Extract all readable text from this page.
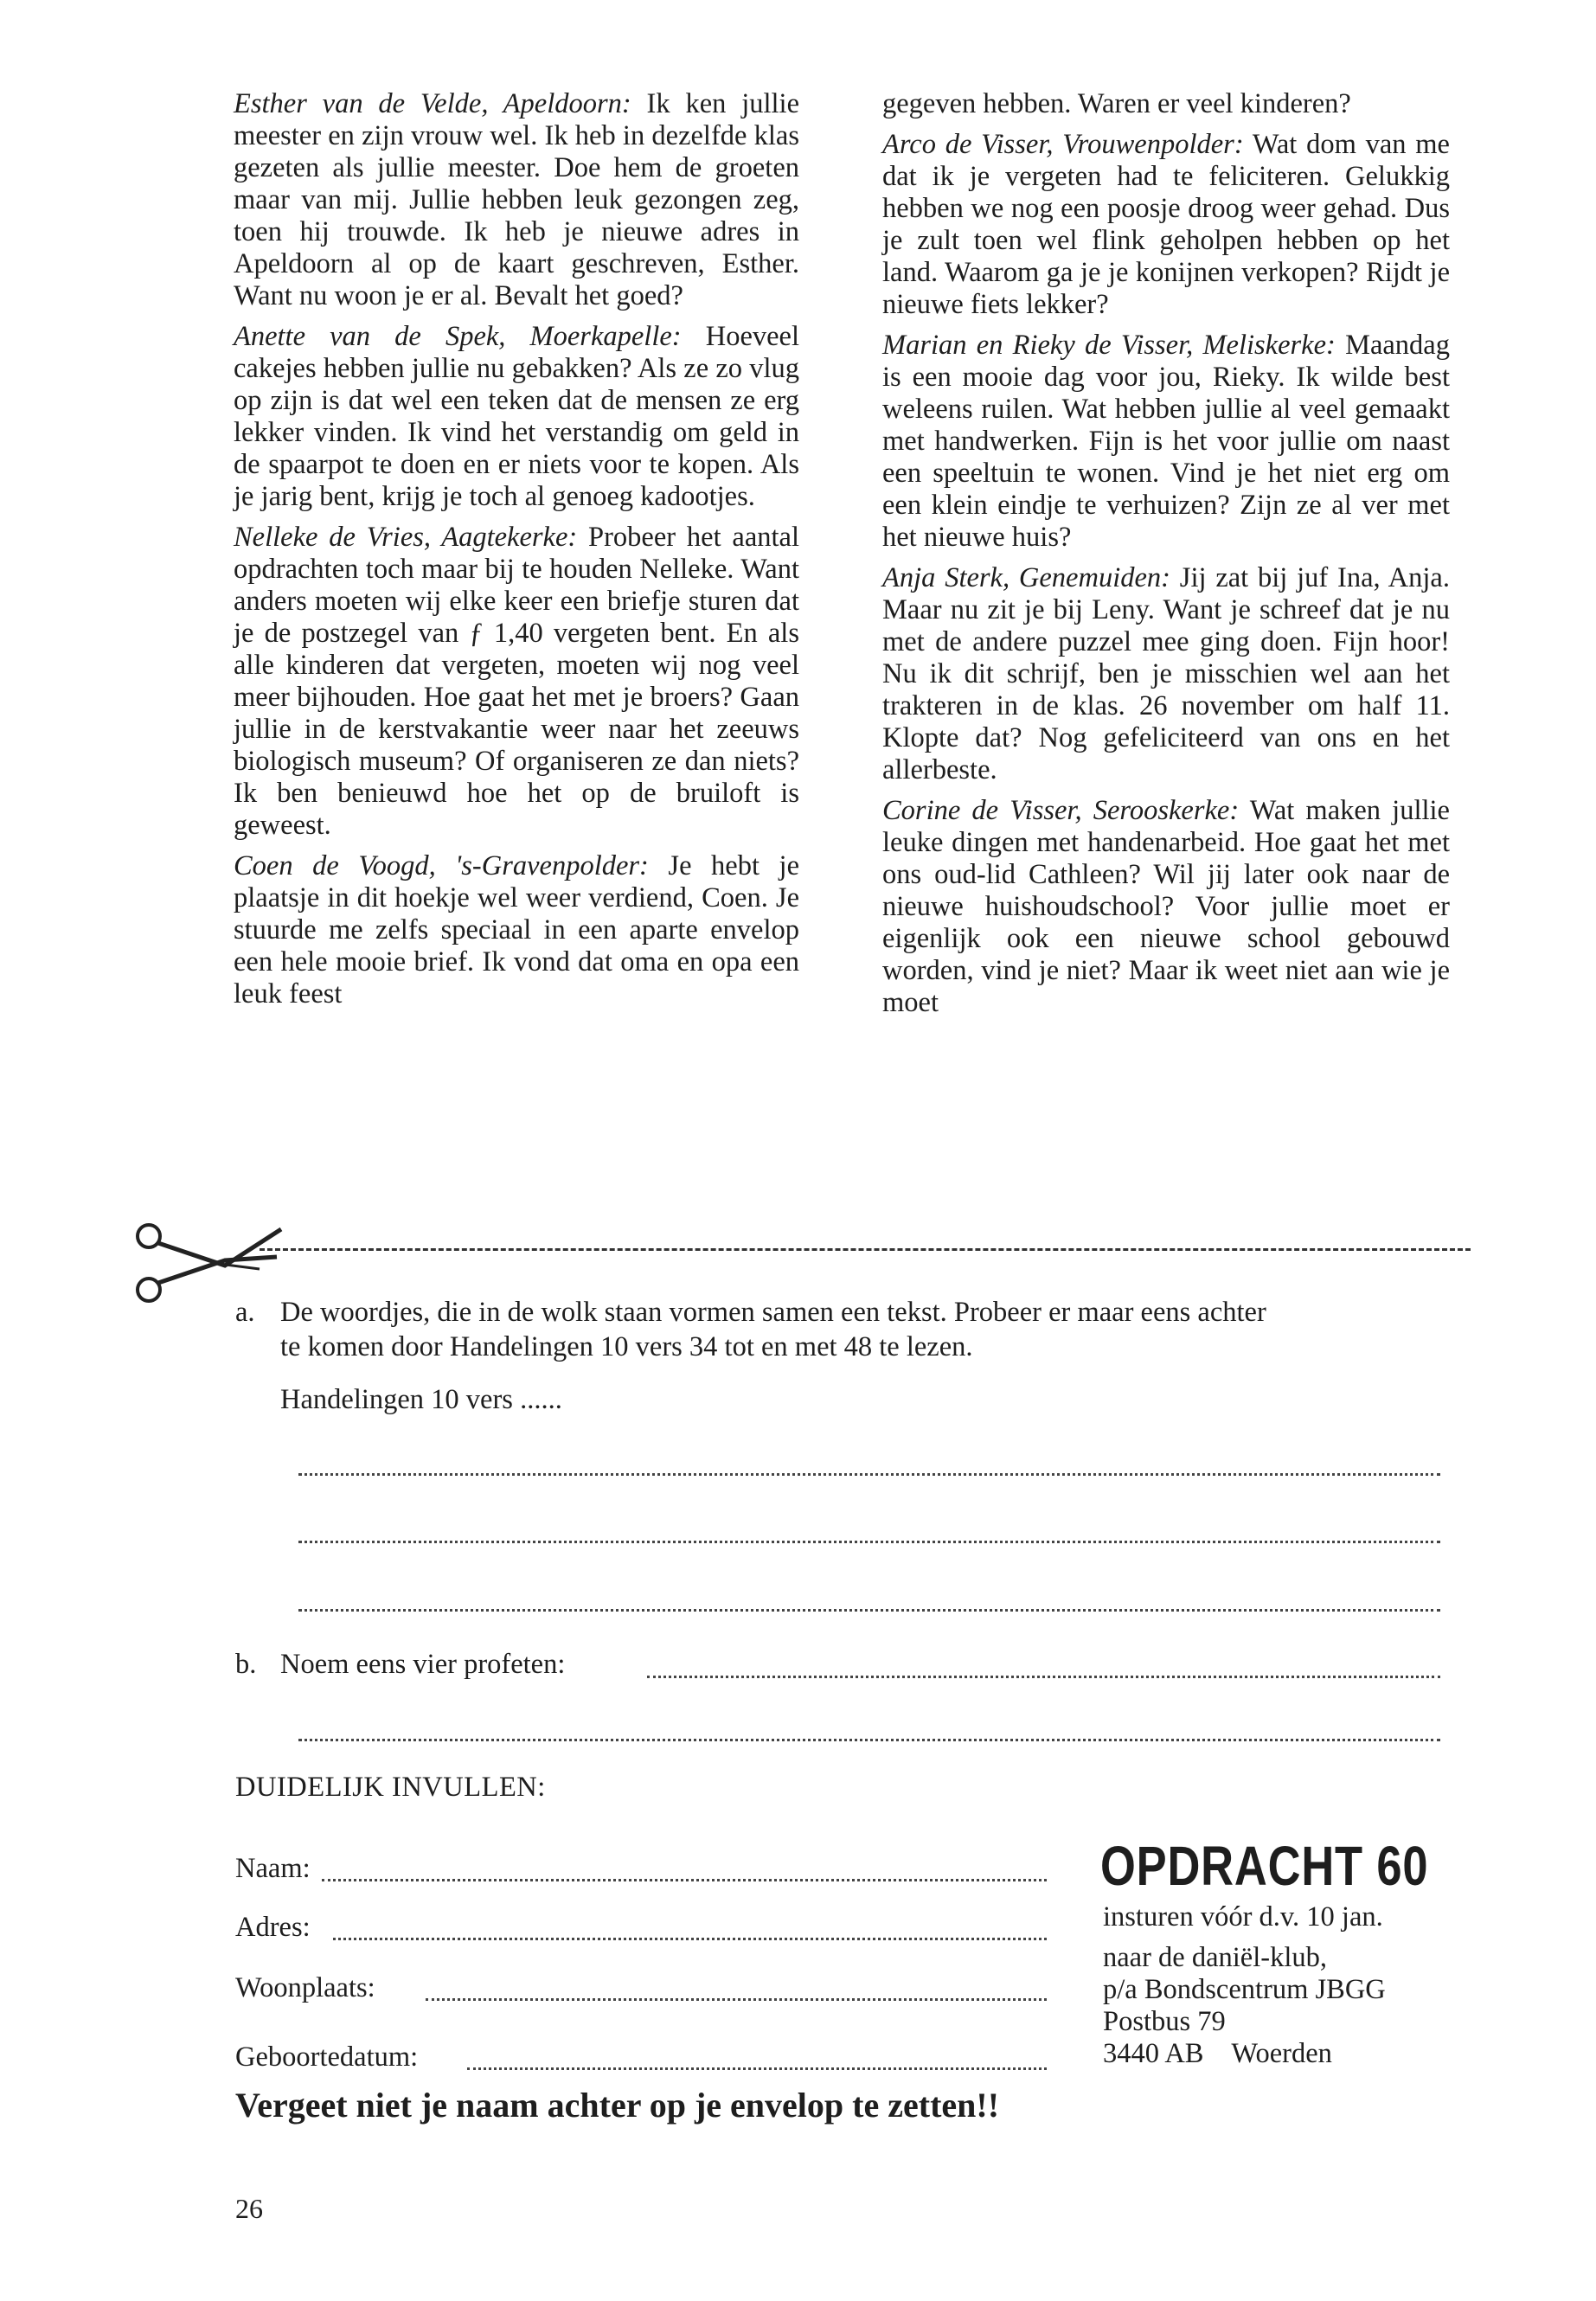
Esther van de Velde, Apeldoorn: Ik ken jullie meester en zijn vrouw wel. Ik heb in dezelfde klas gezeten als jullie meester. Doe hem de groeten maar van mij. Jullie hebben leuk gezongen zeg, toen hij trouwde. Ik heb je nieuwe adres in Apeldoorn al op de kaart geschreven, Esther. Want nu woon je er al. Bevalt het goed?

Anette van de Spek, Moerkapelle: Hoeveel cakejes hebben jullie nu gebakken? Als ze zo vlug op zijn is dat wel een teken dat de mensen ze erg lekker vinden. Ik vind het verstandig om geld in de spaarpot te doen en er niets voor te kopen. Als je jarig bent, krijg je toch al genoeg kadootjes.

Nelleke de Vries, Aagtekerke: Probeer het aantal opdrachten toch maar bij te houden Nelleke. Want anders moeten wij elke keer een briefje sturen dat je de postzegel van ƒ 1,40 vergeten bent. En als alle kinderen dat vergeten, moeten wij nog veel meer bijhouden. Hoe gaat het met je broers? Gaan jullie in de kerstvakantie weer naar het zeeuws biologisch museum? Of organiseren ze dan niets? Ik ben benieuwd hoe het op de bruiloft is geweest.

Coen de Voogd, 's-Gravenpolder: Je hebt je plaatsje in dit hoekje wel weer verdiend, Coen. Je stuurde me zelfs speciaal in een aparte envelop een hele mooie brief. Ik vond dat oma en opa een leuk feest

gegeven hebben. Waren er veel kinderen?

Arco de Visser, Vrouwenpolder: Wat dom van me dat ik je vergeten had te feliciteren. Gelukkig hebben we nog een poosje droog weer gehad. Dus je zult toen wel flink geholpen hebben op het land. Waarom ga je je konijnen verkopen? Rijdt je nieuwe fiets lekker?

Marian en Rieky de Visser, Meliskerke: Maandag is een mooie dag voor jou, Rieky. Ik wilde best weleens ruilen. Wat hebben jullie al veel gemaakt met handwerken. Fijn is het voor jullie om naast een speeltuin te wonen. Vind je het niet erg om een klein eindje te verhuizen? Zijn ze al ver met het nieuwe huis?

Anja Sterk, Genemuiden: Jij zat bij juf Ina, Anja. Maar nu zit je bij Leny. Want je schreef dat je nu met de andere puzzel mee ging doen. Fijn hoor! Nu ik dit schrijf, ben je misschien wel aan het trakteren in de klas. 26 november om half 11. Klopte dat? Nog gefeliciteerd van ons en het allerbeste.

Corine de Visser, Serooskerke: Wat maken jullie leuke dingen met handenarbeid. Hoe gaat het met ons oud-lid Cathleen? Wil jij later ook naar de nieuwe huishoudschool? Voor jullie moet er eigenlijk ook een nieuwe school gebouwd worden, vind je niet? Maar ik weet niet aan wie je moet

a. De woordjes, die in de wolk staan vormen samen een tekst. Probeer er maar eens achter
te komen door Handelingen 10 vers 34 tot en met 48 te lezen.
Handelingen 10 vers ......
b. Noem eens vier profeten:
DUIDELIJK INVULLEN:
Naam:
Adres:
Woonplaats:
Geboortedatum:
OPDRACHT 60
insturen vóór d.v. 10 jan.
naar de daniël-klub,
p/a Bondscentrum JBGG
Postbus 79
3440 AB    Woerden
Vergeet niet je naam achter op je envelop te zetten!!
26
